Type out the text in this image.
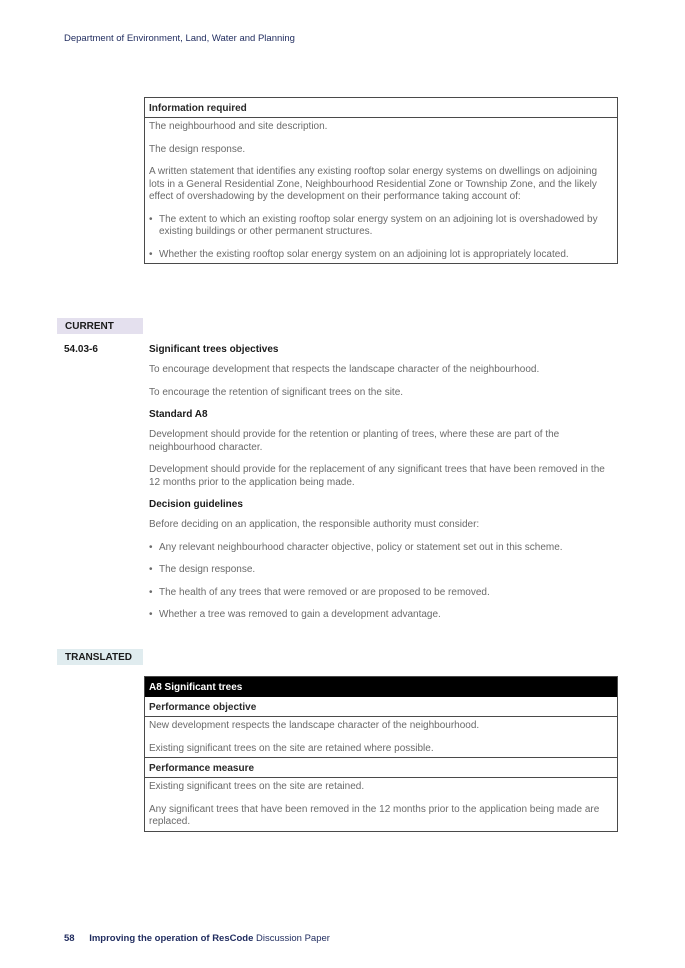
Department of Environment, Land, Water and Planning
Information required

The neighbourhood and site description.

The design response.

A written statement that identifies any existing rooftop solar energy systems on dwellings on adjoining lots in a General Residential Zone, Neighbourhood Residential Zone or Township Zone, and the likely effect of overshadowing by the development on their performance taking account of:

• The extent to which an existing rooftop solar energy system on an adjoining lot is overshadowed by existing buildings or other permanent structures.
• Whether the existing rooftop solar energy system on an adjoining lot is appropriately located.
CURRENT
54.03-6	Significant trees objectives

To encourage development that respects the landscape character of the neighbourhood.

To encourage the retention of significant trees on the site.

Standard A8

Development should provide for the retention or planting of trees, where these are part of the neighbourhood character.

Development should provide for the replacement of any significant trees that have been removed in the 12 months prior to the application being made.

Decision guidelines

Before deciding on an application, the responsible authority must consider:

• Any relevant neighbourhood character objective, policy or statement set out in this scheme.
• The design response.
• The health of any trees that were removed or are proposed to be removed.
• Whether a tree was removed to gain a development advantage.
TRANSLATED
A8 Significant trees
Performance objective

New development respects the landscape character of the neighbourhood.

Existing significant trees on the site are retained where possible.

Performance measure

Existing significant trees on the site are retained.

Any significant trees that have been removed in the 12 months prior to the application being made are replaced.

58 Improving the operation of ResCode Discussion Paper
